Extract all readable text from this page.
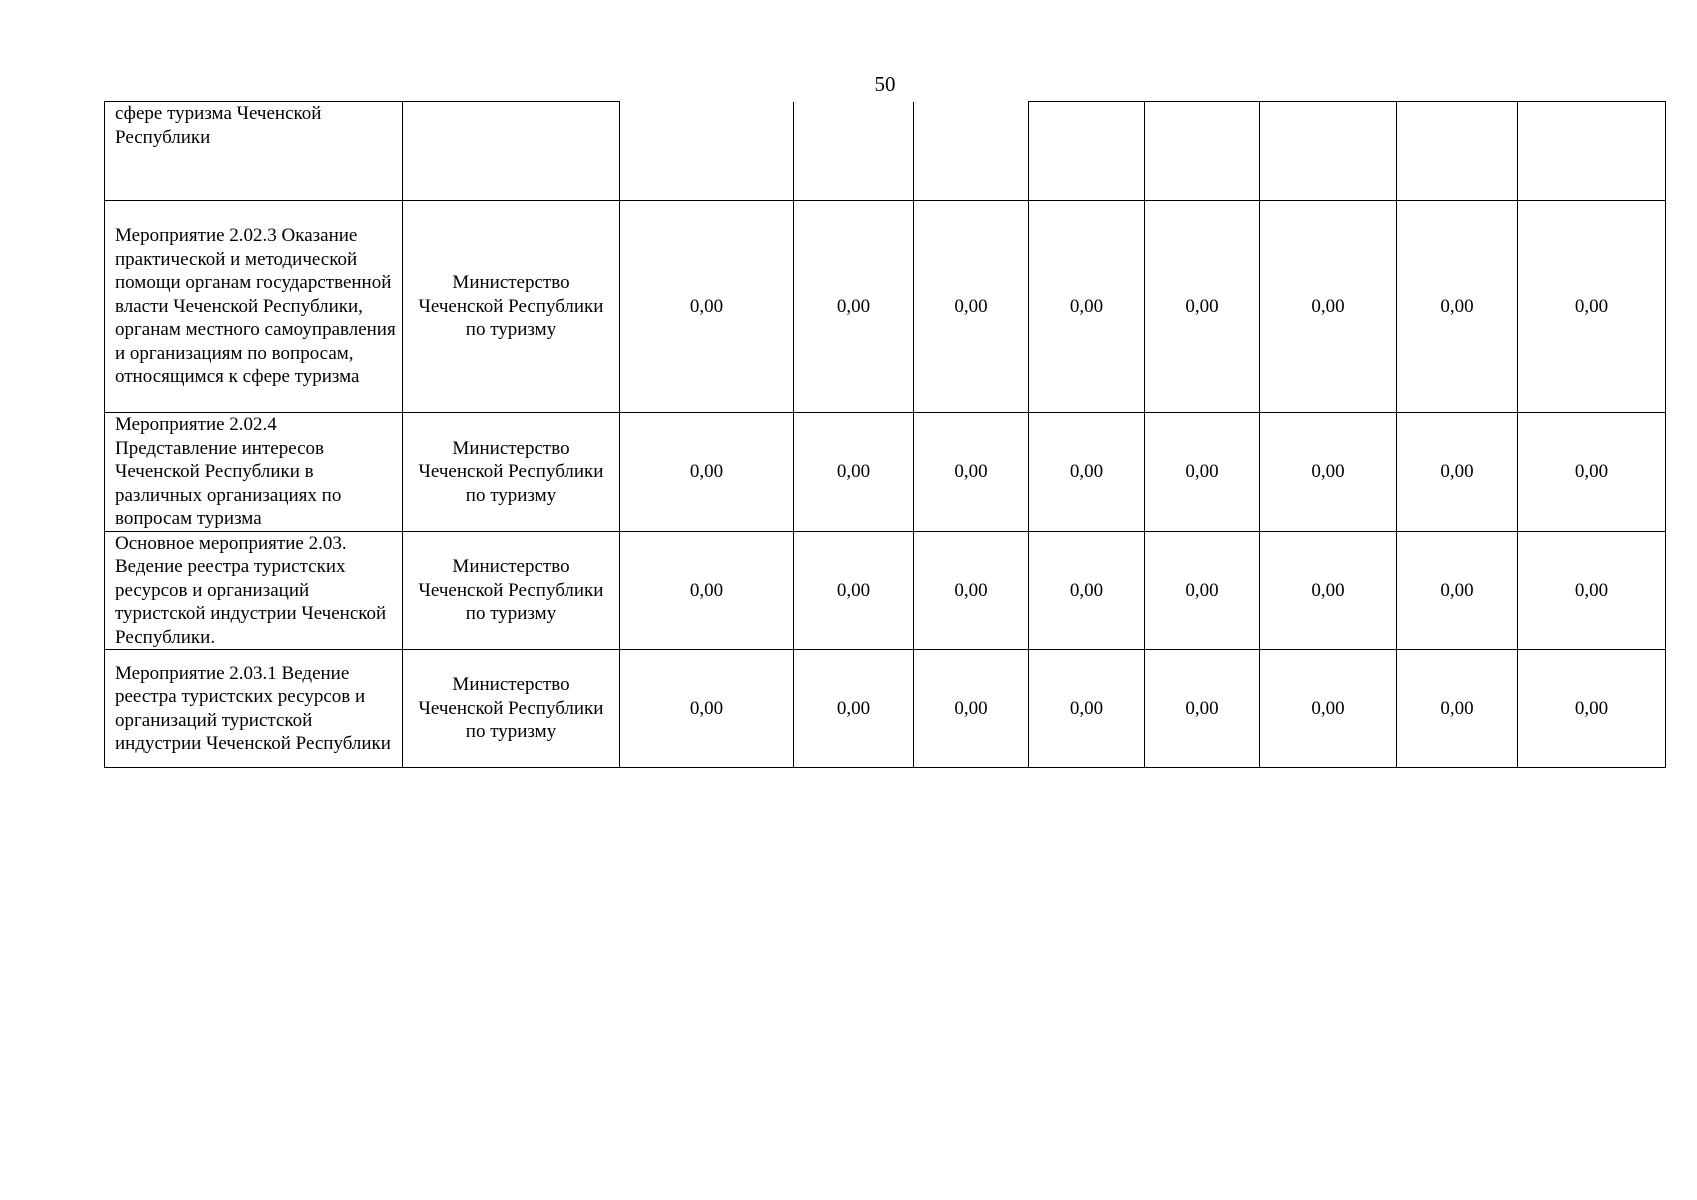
50
сфере туризма Чеченской Республики									
Мероприятие 2.02.3 Оказание практической и методической помощи органам государственной власти Чеченской Республики, органам местного самоуправления и организациям по вопросам, относящимся к сфере туризма	Министерство Чеченской Республики по туризму	0,00	0,00	0,00	0,00	0,00	0,00	0,00	0,00
Мероприятие 2.02.4 Представление интересов Чеченской Республики в различных организациях по вопросам туризма	Министерство Чеченской Республики по туризму	0,00	0,00	0,00	0,00	0,00	0,00	0,00	0,00
Основное мероприятие 2.03. Ведение реестра туристских ресурсов и организаций туристской индустрии Чеченской Республики.	Министерство Чеченской Республики по туризму	0,00	0,00	0,00	0,00	0,00	0,00	0,00	0,00
Мероприятие 2.03.1 Ведение реестра туристских ресурсов и организаций туристской индустрии Чеченской Республики	Министерство Чеченской Республики по туризму	0,00	0,00	0,00	0,00	0,00	0,00	0,00	0,00
